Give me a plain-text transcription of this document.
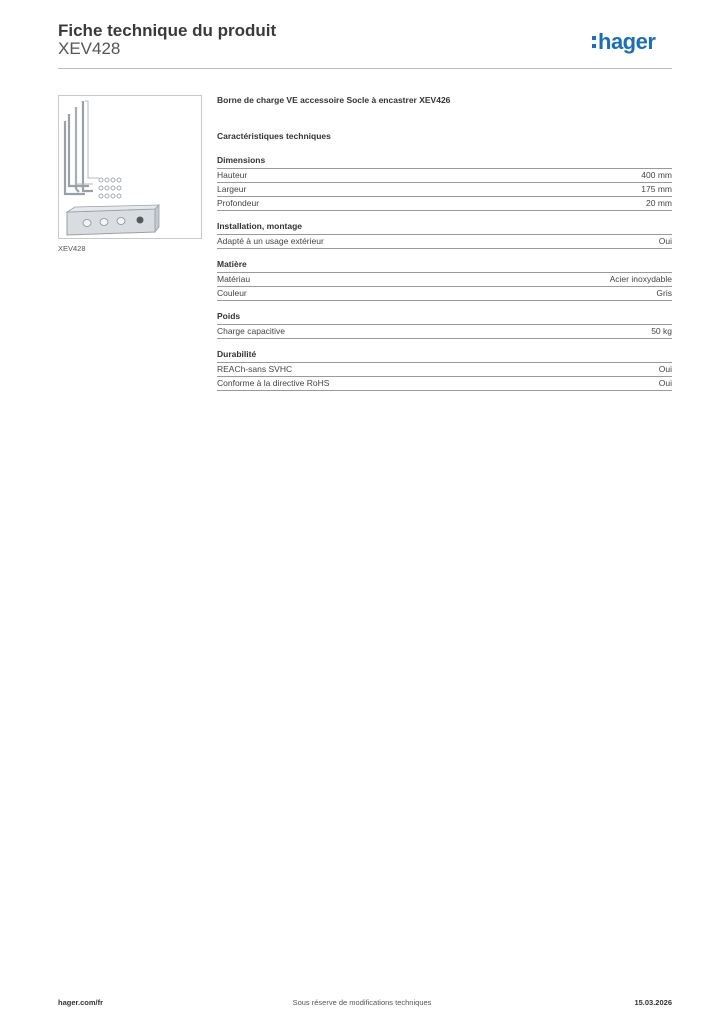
Fiche technique du produit
XEV428	hager
XEV428
Borne de charge VE accessoire Socle à encastrer XEV426
Caractéristiques techniques
Dimensions
Hauteur	400 mm
Largeur	175 mm
Profondeur	20 mm
Installation, montage
Adapté à un usage extérieur	Oui
Matière
Matériau	Acier inoxydable
Couleur	Gris
Poids
Charge capacitive	50 kg
Durabilité
REACh-sans SVHC	Oui
Conforme à la directive RoHS	Oui
hager.com/fr	Sous réserve de modifications techniques	15.03.2026
